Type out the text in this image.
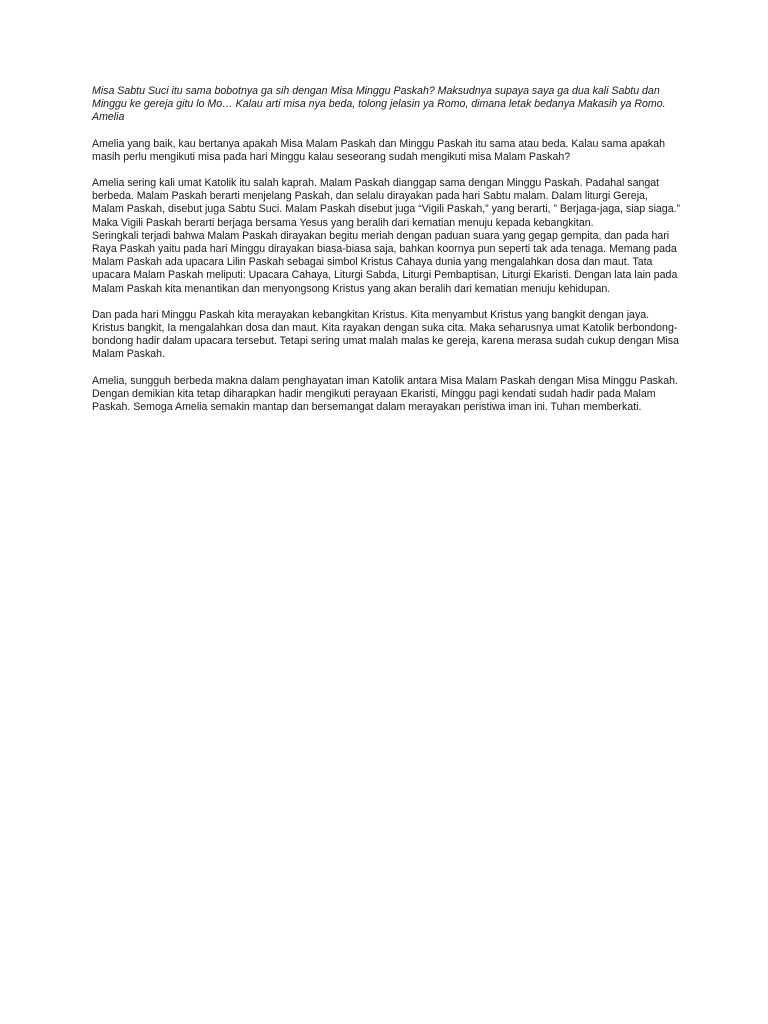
Misa Sabtu Suci itu sama bobotnya ga sih dengan Misa Minggu Paskah? Maksudnya supaya saya ga dua kali Sabtu dan Minggu ke gereja gitu lo Mo… Kalau arti misa nya beda, tolong jelasin ya Romo, dimana letak bedanya Makasih ya Romo. Amelia

Amelia yang baik, kau bertanya apakah Misa Malam Paskah dan Minggu Paskah itu sama atau beda. Kalau sama apakah masih perlu mengikuti misa pada hari Minggu kalau seseorang sudah mengikuti misa Malam Paskah?

Amelia sering kali umat Katolik itu salah kaprah. Malam Paskah dianggap sama dengan Minggu Paskah. Padahal sangat berbeda. Malam Paskah berarti menjelang Paskah, dan selalu dirayakan pada hari Sabtu malam. Dalam liturgi Gereja, Malam Paskah, disebut juga Sabtu Suci. Malam Paskah disebut juga “Vigili Paskah,” yang berarti, ” Berjaga-jaga, siap siaga.” Maka Vigili Paskah berarti berjaga bersama Yesus yang beralih dari kematian menuju kepada kebangkitan.

Seringkali terjadi bahwa Malam Paskah dirayakan begitu meriah dengan paduan suara yang gegap gempita, dan pada hari Raya Paskah yaitu pada hari Minggu dirayakan biasa-biasa saja, bahkan koornya pun seperti tak ada tenaga. Memang pada Malam Paskah ada upacara Lilin Paskah sebagai simbol Kristus Cahaya dunia yang mengalahkan dosa dan maut. Tata upacara Malam Paskah meliputi: Upacara Cahaya, Liturgi Sabda, Liturgi Pembaptisan, Liturgi Ekaristi. Dengan lata lain pada Malam Paskah kita menantikan dan menyongsong Kristus yang akan beralih dari kematian menuju kehidupan.

Dan pada hari Minggu Paskah kita merayakan kebangkitan Kristus. Kita menyambut Kristus yang bangkit dengan jaya. Kristus bangkit, Ia mengalahkan dosa dan maut. Kita rayakan dengan suka cita. Maka seharusnya umat Katolik berbondong-bondong hadir dalam upacara tersebut. Tetapi sering umat malah malas ke gereja, karena merasa sudah cukup dengan Misa Malam Paskah.

Amelia, sungguh berbeda makna dalam penghayatan iman Katolik antara Misa Malam Paskah dengan Misa Minggu Paskah. Dengan demikian kita tetap diharapkan hadir mengikuti perayaan Ekaristi, Minggu pagi kendati sudah hadir pada Malam Paskah. Semoga Amelia semakin mantap dan bersemangat dalam merayakan peristiwa iman ini. Tuhan memberkati.
